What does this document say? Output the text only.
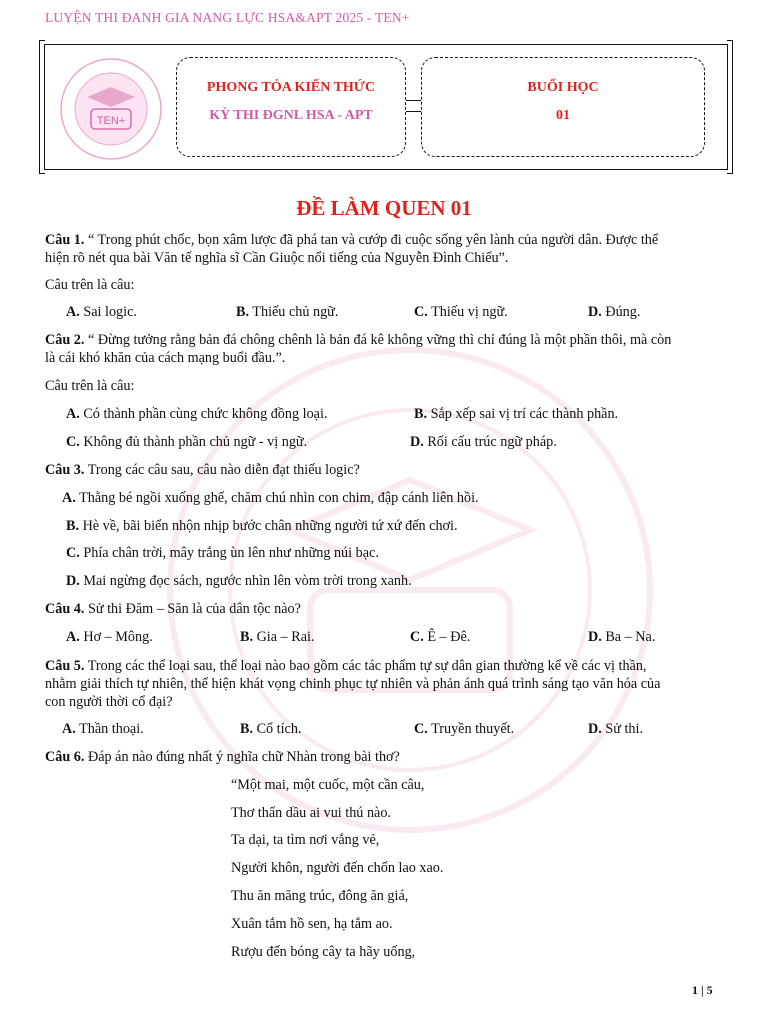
LUYỆN THI ĐANH GIA NANG LỰC HSA&APT 2025 - TEN+
TEN+
PHONG TỎA KIẾN THỨC
KỲ THI ĐGNL HSA - APT
BUỔI HỌC
01
ĐỀ LÀM QUEN 01
Câu 1. “ Trong phút chốc, bọn xâm lược đã phá tan và cướp đi cuộc sống yên lành của người dân. Được thể
hiện rõ nét qua bài Văn tế nghĩa sĩ Cần Giuộc nổi tiếng của Nguyễn Đình Chiểu”.
Câu trên là câu:
A. Sai logic.	B. Thiếu chủ ngữ.	C. Thiếu vị ngữ.	D. Đúng.
Câu 2. “ Đừng tưởng rằng bản đá chông chênh là bản đá kê không vững thì chỉ đúng là một phần thôi, mà còn
là cái khó khăn của cách mạng buổi đầu.”.
Câu trên là câu:
A. Có thành phần cùng chức không đồng loại.	B. Sắp xếp sai vị trí các thành phần.
C. Không đủ thành phần chủ ngữ - vị ngữ.	D. Rối cấu trúc ngữ pháp.
Câu 3. Trong các câu sau, câu nào diễn đạt thiếu logic?
A. Thằng bé ngồi xuống ghế, chăm chú nhìn con chim, đập cánh liên hồi.
B. Hè về, bãi biển nhộn nhịp bước chân những người tứ xứ đến chơi.
C. Phía chân trời, mây trắng ùn lên như những núi bạc.
D. Mai ngừng đọc sách, ngước nhìn lên vòm trời trong xanh.
Câu 4. Sử thi Đăm – Săn là của dân tộc nào?
A. Hơ – Mông.	B. Gia – Rai.	C. Ê – Đê.	D. Ba – Na.
Câu 5. Trong các thể loại sau, thể loại nào bao gồm các tác phẩm tự sự dân gian thường kể về các vị thần,
nhằm giải thích tự nhiên, thể hiện khát vọng chinh phục tự nhiên và phản ánh quá trình sáng tạo văn hóa của
con người thời cổ đại?
A. Thần thoại.	B. Cổ tích.	C. Truyền thuyết.	D. Sử thi.
Câu 6. Đáp án nào đúng nhất ý nghĩa chữ Nhàn trong bài thơ?
“Một mai, một cuốc, một cần câu,
Thơ thẩn dầu ai vui thú nào.
Ta dại, ta tìm nơi vắng vẻ,
Người khôn, người đến chốn lao xao.
Thu ăn măng trúc, đông ăn giá,
Xuân tắm hồ sen, hạ tắm ao.
Rượu đến bóng cây ta hãy uống,
1 | 5
